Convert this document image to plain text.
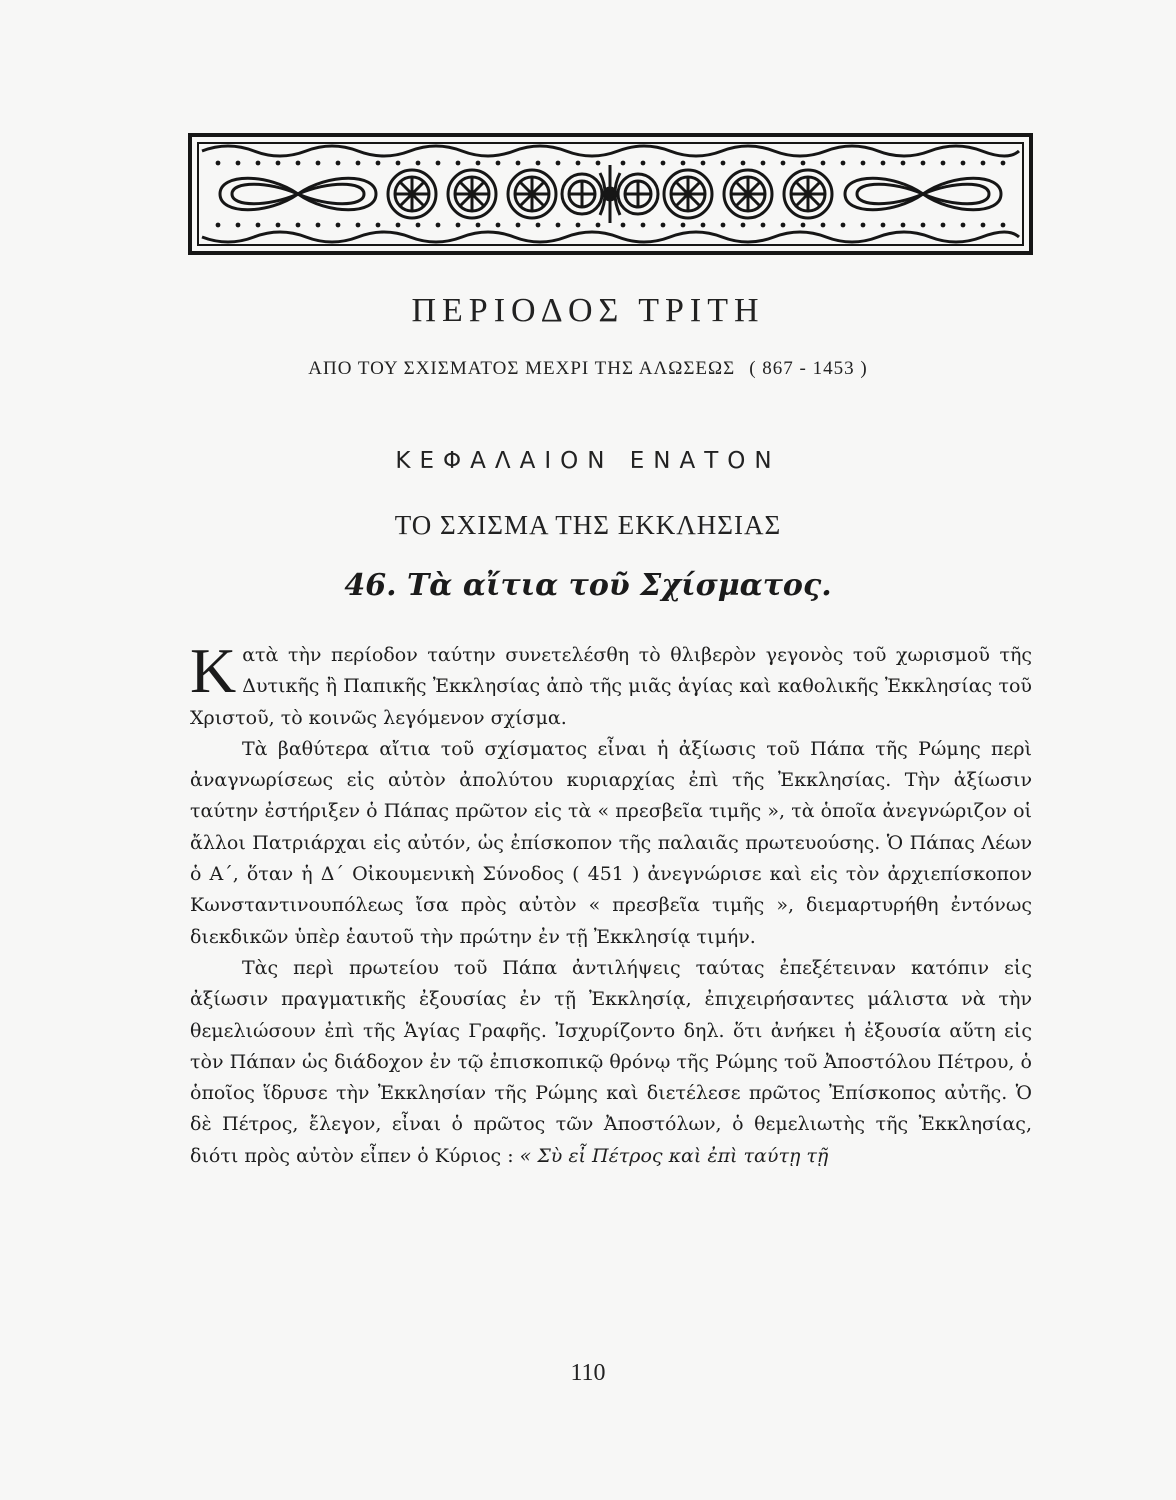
ΠΕΡΙΟΔΟΣ ΤΡΙΤΗ
ΑΠΟ ΤΟΥ ΣΧΙΣΜΑΤΟΣ ΜΕΧΡΙ ΤΗΣ ΑΛΩΣΕΩΣ ( 867 - 1453 )
ΚΕΦΑΛΑΙΟΝ ΕΝΑΤΟΝ
ΤΟ ΣΧΙΣΜΑ ΤΗΣ ΕΚΚΛΗΣΙΑΣ
46. Τὰ αἴτια τοῦ Σχίσματος.

Κατὰ τὴν περίοδον ταύτην συνετελέσθη τὸ θλιβερὸν γεγονὸς τοῦ χωρισμοῦ τῆς Δυτικῆς ἢ Παπικῆς Ἐκκλησίας ἀπὸ τῆς μιᾶς ἁγίας καὶ καθολικῆς Ἐκκλησίας τοῦ Χριστοῦ, τὸ κοινῶς λεγόμενον σχίσμα.

Τὰ βαθύτερα αἴτια τοῦ σχίσματος εἶναι ἡ ἀξίωσις τοῦ Πάπα τῆς Ρώμης περὶ ἀναγνωρίσεως εἰς αὐτὸν ἀπολύτου κυριαρχίας ἐπὶ τῆς Ἐκκλησίας. Τὴν ἀξίωσιν ταύτην ἐστήριξεν ὁ Πάπας πρῶτον εἰς τὰ « πρεσβεῖα τιμῆς », τὰ ὁποῖα ἀνεγνώριζον οἱ ἄλλοι Πατριάρχαι εἰς αὐτόν, ὡς ἐπίσκοπον τῆς παλαιᾶς πρωτευούσης. Ὁ Πάπας Λέων ὁ Α΄, ὅταν ἡ Δ΄ Οἰκουμενικὴ Σύνοδος ( 451 ) ἀνεγνώρισε καὶ εἰς τὸν ἀρχιεπίσκοπον Κωνσταντινουπόλεως ἴσα πρὸς αὐτὸν « πρεσβεῖα τιμῆς », διεμαρτυρήθη ἐντόνως διεκδικῶν ὑπὲρ ἑαυτοῦ τὴν πρώτην ἐν τῇ Ἐκκλησίᾳ τιμήν.

Τὰς περὶ πρωτείου τοῦ Πάπα ἀντιλήψεις ταύτας ἐπεξέτειναν κατόπιν εἰς ἀξίωσιν πραγματικῆς ἐξουσίας ἐν τῇ Ἐκκλησίᾳ, ἐπιχειρήσαντες μάλιστα νὰ τὴν θεμελιώσουν ἐπὶ τῆς Ἁγίας Γραφῆς. Ἰσχυρίζοντο δηλ. ὅτι ἀνήκει ἡ ἐξουσία αὕτη εἰς τὸν Πάπαν ὡς διάδοχον ἐν τῷ ἐπισκοπικῷ θρόνῳ τῆς Ρώμης τοῦ Ἀποστόλου Πέτρου, ὁ ὁποῖος ἵδρυσε τὴν Ἐκκλησίαν τῆς Ρώμης καὶ διετέλεσε πρῶτος Ἐπίσκοπος αὐτῆς. Ὁ δὲ Πέτρος, ἔλεγον, εἶναι ὁ πρῶτος τῶν Ἀποστόλων, ὁ θεμελιωτὴς τῆς Ἐκκλησίας, διότι πρὸς αὐτὸν εἶπεν ὁ Κύριος : « Σὺ εἶ Πέτρος καὶ ἐπὶ ταύτῃ τῇ

110
